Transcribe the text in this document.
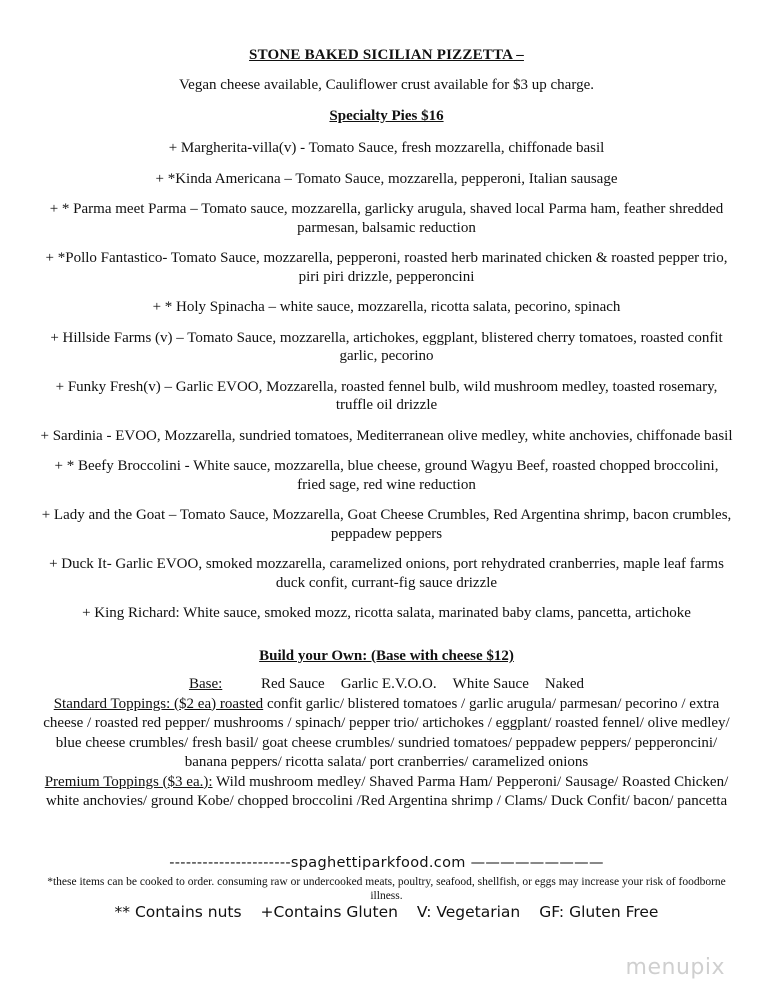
STONE BAKED SICILIAN PIZZETTA –
Vegan cheese available, Cauliflower crust available for $3 up charge.
Specialty Pies $16
+ Margherita-villa(v) - Tomato Sauce, fresh mozzarella, chiffonade basil
+ *Kinda Americana – Tomato Sauce, mozzarella, pepperoni, Italian sausage
+ * Parma meet Parma – Tomato sauce, mozzarella, garlicky arugula, shaved local Parma ham, feather shredded parmesan, balsamic reduction
+ *Pollo Fantastico- Tomato Sauce, mozzarella, pepperoni, roasted herb marinated chicken & roasted pepper trio, piri piri drizzle, pepperoncini
+ * Holy Spinacha – white sauce, mozzarella, ricotta salata, pecorino, spinach
+ Hillside Farms (v) – Tomato Sauce, mozzarella, artichokes, eggplant, blistered cherry tomatoes, roasted confit garlic, pecorino
+ Funky Fresh(v) – Garlic EVOO, Mozzarella, roasted fennel bulb, wild mushroom medley, toasted rosemary, truffle oil drizzle
+ Sardinia - EVOO, Mozzarella, sundried tomatoes, Mediterranean olive medley, white anchovies, chiffonade basil
+ * Beefy Broccolini - White sauce, mozzarella, blue cheese, ground Wagyu Beef, roasted chopped broccolini, fried sage, red wine reduction
+ Lady and the Goat – Tomato Sauce, Mozzarella, Goat Cheese Crumbles, Red Argentina shrimp, bacon crumbles, peppadew peppers
+ Duck It- Garlic EVOO, smoked mozzarella, caramelized onions, port rehydrated cranberries, maple leaf farms duck confit, currant-fig sauce drizzle
+ King Richard: White sauce, smoked mozz, ricotta salata, marinated baby clams, pancetta, artichoke
Build your Own: (Base with cheese $12)
Base:	Red Sauce Garlic E.V.O.O. White Sauce Naked
Standard Toppings: ($2 ea) roasted confit garlic/ blistered tomatoes / garlic arugula/ parmesan/ pecorino / extra cheese / roasted red pepper/ mushrooms / spinach/ pepper trio/ artichokes / eggplant/ roasted fennel/ olive medley/ blue cheese crumbles/ fresh basil/ goat cheese crumbles/ sundried tomatoes/ peppadew peppers/ pepperoncini/ banana peppers/ ricotta salata/ port cranberries/ caramelized onions
Premium Toppings ($3 ea.): Wild mushroom medley/ Shaved Parma Ham/ Pepperoni/ Sausage/ Roasted Chicken/ white anchovies/ ground Kobe/ chopped broccolini /Red Argentina shrimp / Clams/ Duck Confit/ bacon/ pancetta
----------------------spaghettiparkfood.com —————————
*these items can be cooked to order. consuming raw or undercooked meats, poultry, seafood, shellfish, or eggs may increase your risk of foodborne illness.
** Contains nuts +Contains Gluten V: Vegetarian GF: Gluten Free
menupix
